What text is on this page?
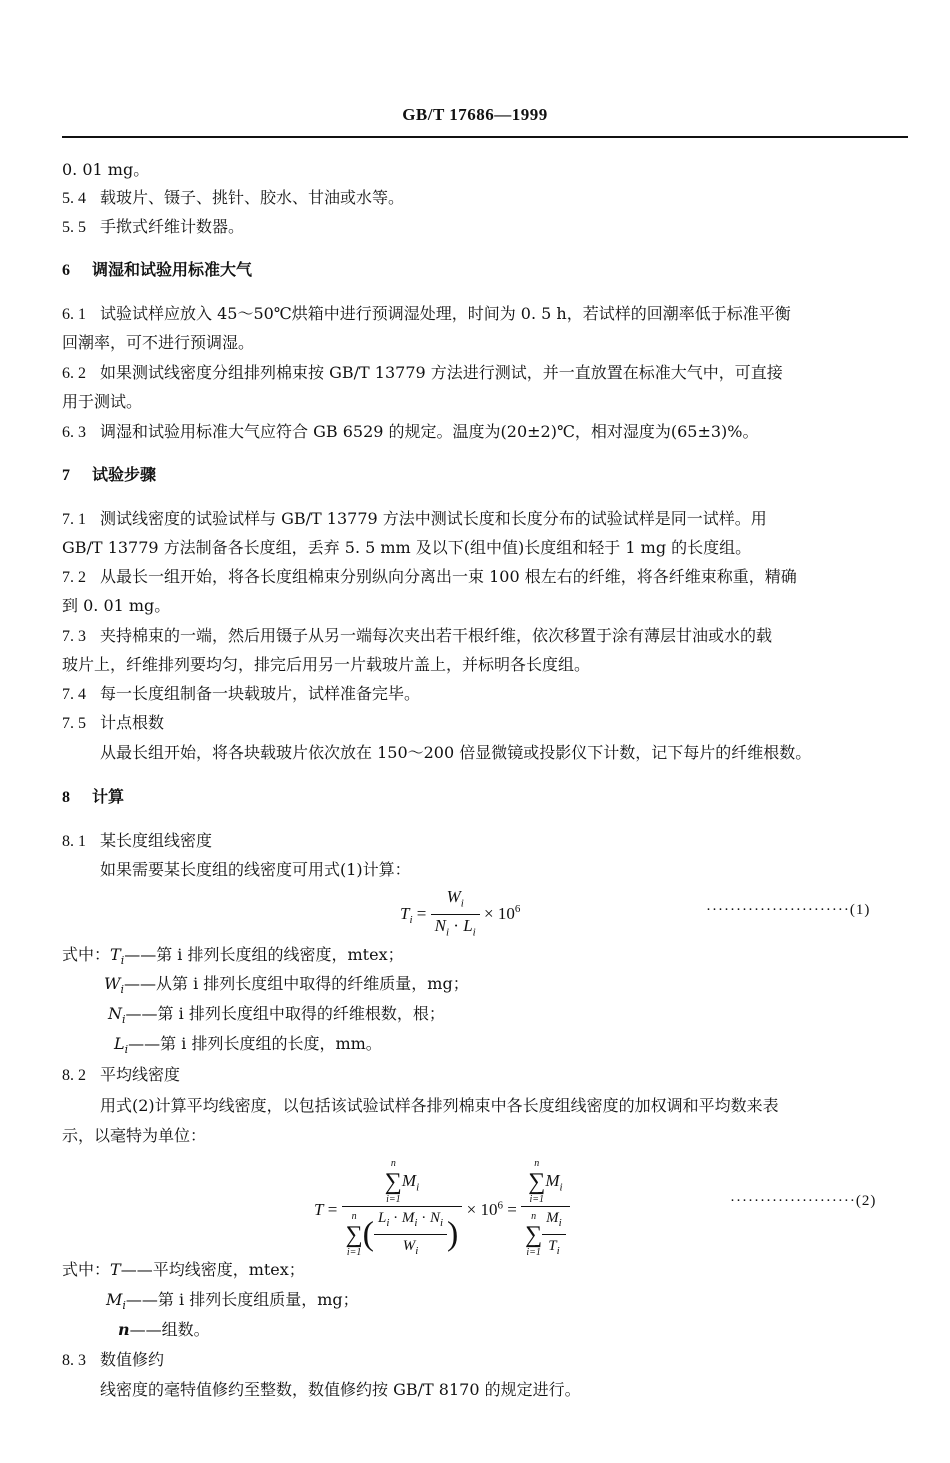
GB/T 17686—1999
0. 01 mg。
5. 4 载玻片、镊子、挑针、胶水、甘油或水等。
5. 5 手揿式纤维计数器。
6 调湿和试验用标准大气
6. 1 试验试样应放入 45～50℃烘箱中进行预调湿处理，时间为 0. 5 h，若试样的回潮率低于标准平衡
回潮率，可不进行预调湿。
6. 2 如果测试线密度分组排列棉束按 GB/T 13779 方法进行测试，并一直放置在标准大气中，可直接
用于测试。
6. 3 调湿和试验用标准大气应符合 GB 6529 的规定。温度为(20±2)℃，相对湿度为(65±3)%。
7 试验步骤
7. 1 测试线密度的试验试样与 GB/T 13779 方法中测试长度和长度分布的试验试样是同一试样。用
GB/T 13779 方法制备各长度组，丢弃 5. 5 mm 及以下(组中值)长度组和轻于 1 mg 的长度组。
7. 2 从最长一组开始，将各长度组棉束分别纵向分离出一束 100 根左右的纤维，将各纤维束称重，精确
到 0. 01 mg。
7. 3 夹持棉束的一端，然后用镊子从另一端每次夹出若干根纤维，依次移置于涂有薄层甘油或水的载
玻片上，纤维排列要均匀，排完后用另一片载玻片盖上，并标明各长度组。
7. 4 每一长度组制备一块载玻片，试样准备完毕。
7. 5 计点根数
从最长组开始，将各块载玻片依次放在 150～200 倍显微镜或投影仪下计数，记下每片的纤维根数。
8 计算
8. 1 某长度组线密度
如果需要某长度组的线密度可用式(1)计算：
$T_i = \frac{W_i}{N_i \cdot L_i} \times 10^6$	························(1)
式中：$T_i——$第 i 排列长度组的线密度，mtex；
$W_i——$从第 i 排列长度组中取得的纤维质量，mg；
$N_i——$第 i 排列长度组中取得的纤维根数，根；
$L_i——$第 i 排列长度组的长度，mm。
8. 2 平均线密度
用式(2)计算平均线密度，以包括该试验试样各排列棉束中各长度组线密度的加权调和平均数来表
示，以毫特为单位：
T = n
∑
i=1
$M_i$
n
∑
i=1 ( $\frac{L_i \cdot M_i \cdot N_i}{W_i}$ ) × $10^6 = n$
∑
i=1
$M_i$
n
∑
$i=1 \frac{M_i}{T_i}$	·····················(2)
式中：T——平均线密度，mtex；
$M_i——$第 i 排列长度组质量，mg；
n——组数。
8. 3 数值修约
线密度的毫特值修约至整数，数值修约按 GB/T 8170 的规定进行。
